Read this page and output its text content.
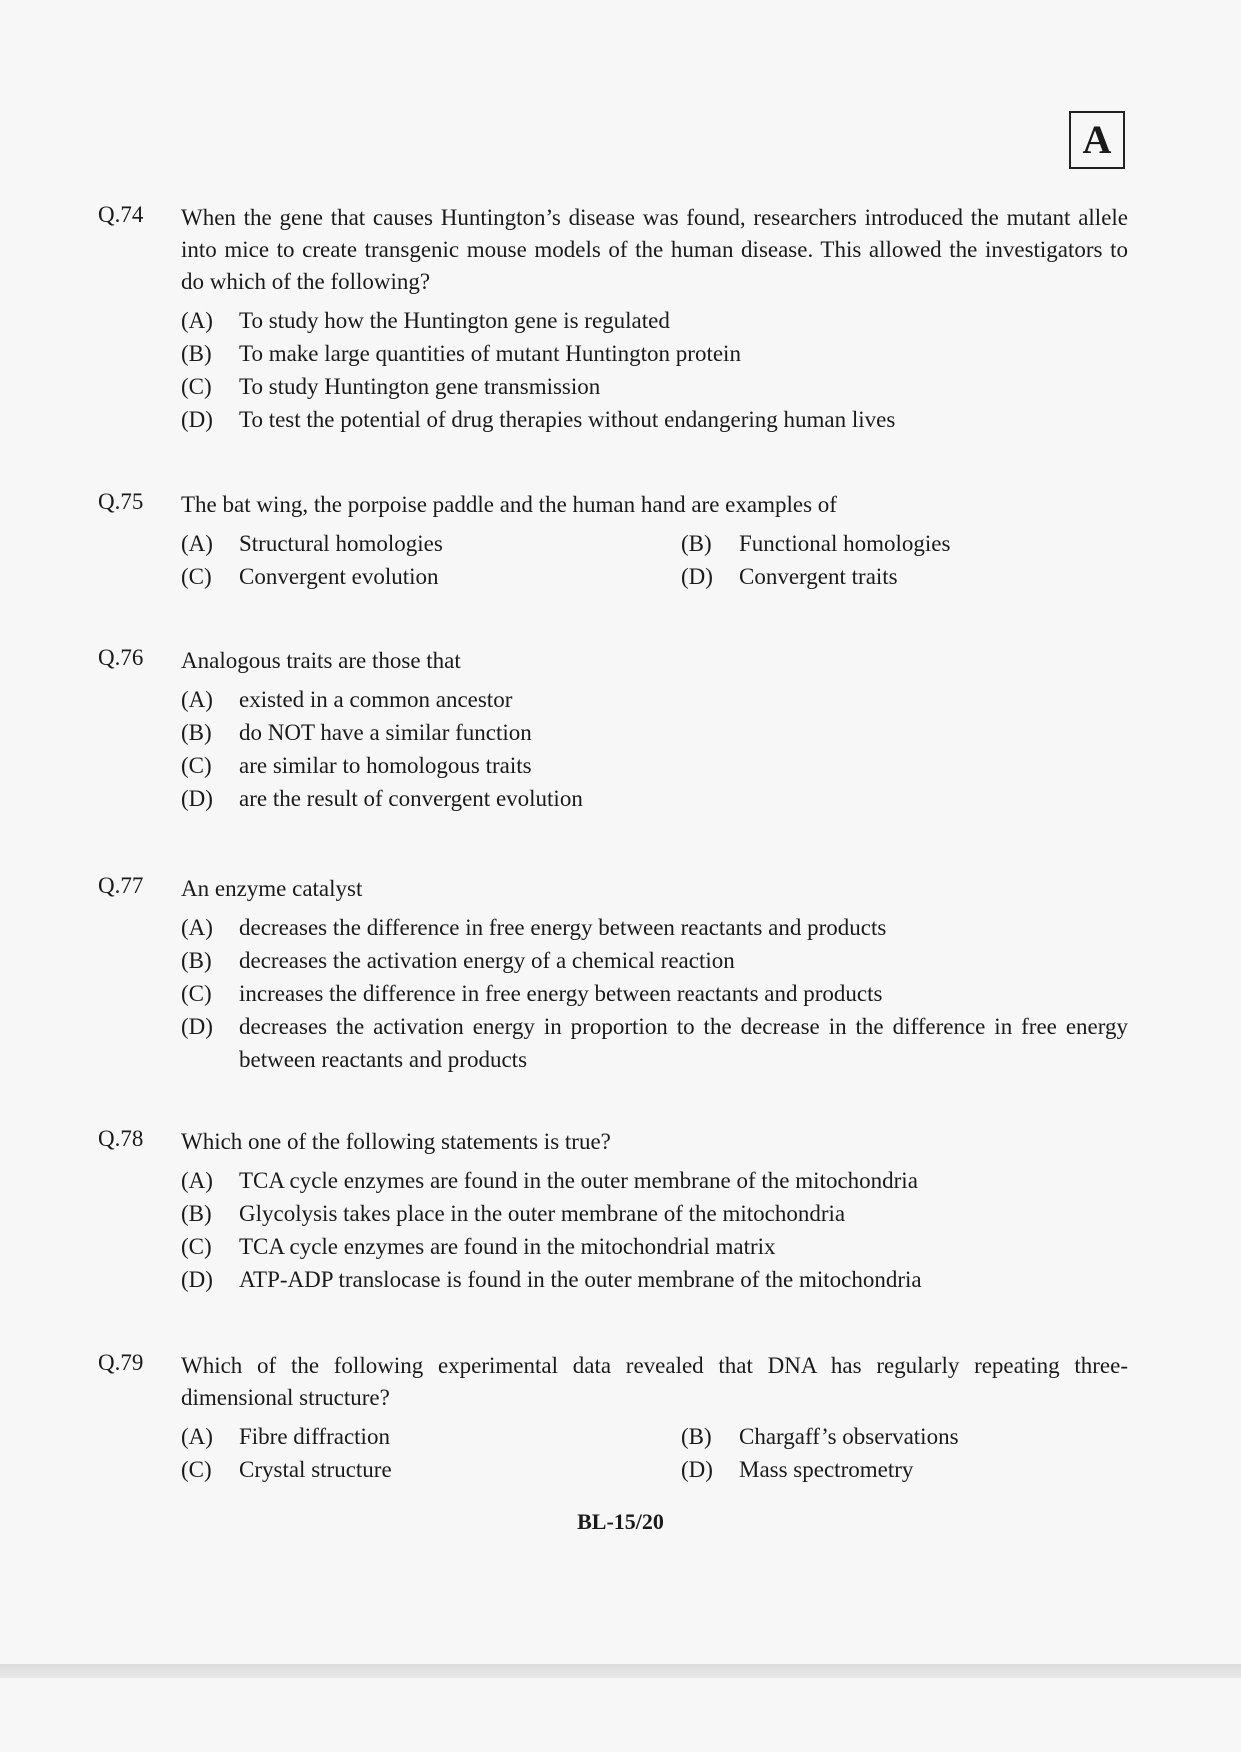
A
Q.74	When the gene that causes Huntington’s disease was found, researchers introduced the mutant allele into mice to create transgenic mouse models of the human disease. This allowed the investigators to do which of the following?
(A)	To study how the Huntington gene is regulated
(B)	To make large quantities of mutant Huntington protein
(C)	To study Huntington gene transmission
(D)	To test the potential of drug therapies without endangering human lives
Q.75	The bat wing, the porpoise paddle and the human hand are examples of
(A)	Structural homologies	(B)	Functional homologies
(C)	Convergent evolution	(D)	Convergent traits
Q.76	Analogous traits are those that
(A)	existed in a common ancestor
(B)	do NOT have a similar function
(C)	are similar to homologous traits
(D)	are the result of convergent evolution
Q.77	An enzyme catalyst
(A)	decreases the difference in free energy between reactants and products
(B)	decreases the activation energy of a chemical reaction
(C)	increases the difference in free energy between reactants and products
(D)	decreases the activation energy in proportion to the decrease in the difference in free energy between reactants and products
Q.78	Which one of the following statements is true?
(A)	TCA cycle enzymes are found in the outer membrane of the mitochondria
(B)	Glycolysis takes place in the outer membrane of the mitochondria
(C)	TCA cycle enzymes are found in the mitochondrial matrix
(D)	ATP-ADP translocase is found in the outer membrane of the mitochondria
Q.79	Which of the following experimental data revealed that DNA has regularly repeating three-dimensional structure?
(A)	Fibre diffraction	(B)	Chargaff’s observations
(C)	Crystal structure	(D)	Mass spectrometry
BL-15/20
